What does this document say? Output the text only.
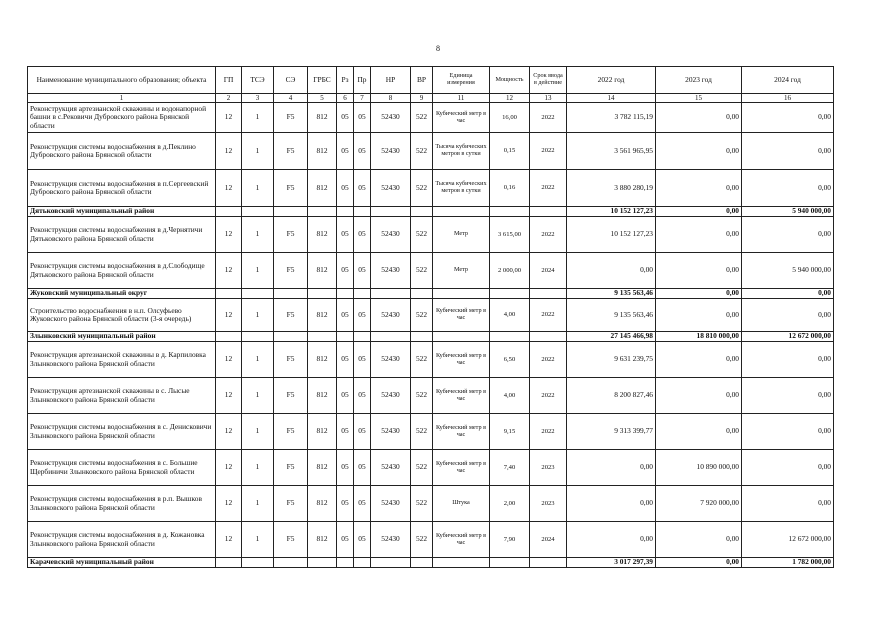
8
Наименование муниципального образования; объекта	ГП	ТСЭ	СЭ	ГРБС	Рз	Пр	НР	ВР	Единица измерения	Мощность	Срок ввода в действие	2022 год	2023 год	2024 год
1	2	3	4	5	6	7	8	9	11	12	13	14	15	16
Реконструкция артезианской скважины и водонапорной башни в с.Рековичи Дубровского района Брянской области	12	1	F5	812	05	05	52430	522	Кубический метр в час	16,00	2022	3 782 115,19	0,00	0,00
Реконструкция системы водоснабжения в д.Пеклино Дубровского района Брянской области	12	1	F5	812	05	05	52430	522	Тысяча кубических метров в сутки	0,15	2022	3 561 965,95	0,00	0,00
Реконструкция системы водоснабжения в п.Сергеевский Дубровского района Брянской области	12	1	F5	812	05	05	52430	522	Тысяча кубических метров в сутки	0,16	2022	3 880 280,19	0,00	0,00
Дятьковский муниципальный район												10 152 127,23	0,00	5 940 000,00
Реконструкция системы водоснабжения в д.Чернятичи Дятьковского района Брянской области	12	1	F5	812	05	05	52430	522	Метр	3 615,00	2022	10 152 127,23	0,00	0,00
Реконструкция системы водоснабжения в д.Слободище Дятьковского района Брянской области	12	1	F5	812	05	05	52430	522	Метр	2 000,00	2024	0,00	0,00	5 940 000,00
Жуковский муниципальный округ												9 135 563,46	0,00	0,00
Строительство водоснабжения в н.п. Олсуфьево Жуковского района Брянской области (3-я очередь)	12	1	F5	812	05	05	52430	522	Кубический метр в час	4,00	2022	9 135 563,46	0,00	0,00
Злынковский муниципальный район												27 145 466,98	18 810 000,00	12 672 000,00
Реконструкция артезианской скважины в д. Карпиловка Злынковского района Брянской области	12	1	F5	812	05	05	52430	522	Кубический метр в час	6,50	2022	9 631 239,75	0,00	0,00
Реконструкция артезианской скважины в с. Лысые Злынковского района Брянской области	12	1	F5	812	05	05	52430	522	Кубический метр в час	4,00	2022	8 200 827,46	0,00	0,00
Реконструкция системы водоснабжения в с. Денисковичи Злынковского района Брянской области	12	1	F5	812	05	05	52430	522	Кубический метр в час	9,15	2022	9 313 399,77	0,00	0,00
Реконструкция системы водоснабжения в с. Большие Щербиничи Злынковского района Брянской области	12	1	F5	812	05	05	52430	522	Кубический метр в час	7,40	2023	0,00	10 890 000,00	0,00
Реконструкция системы водоснабжения в р.п. Вышков Злынковского района Брянской области	12	1	F5	812	05	05	52430	522	Штука	2,00	2023	0,00	7 920 000,00	0,00
Реконструкция системы водоснабжения в д. Кожановка Злынковского района Брянской области	12	1	F5	812	05	05	52430	522	Кубический метр в час	7,90	2024	0,00	0,00	12 672 000,00
Карачевский муниципальный район												3 017 297,39	0,00	1 782 000,00
